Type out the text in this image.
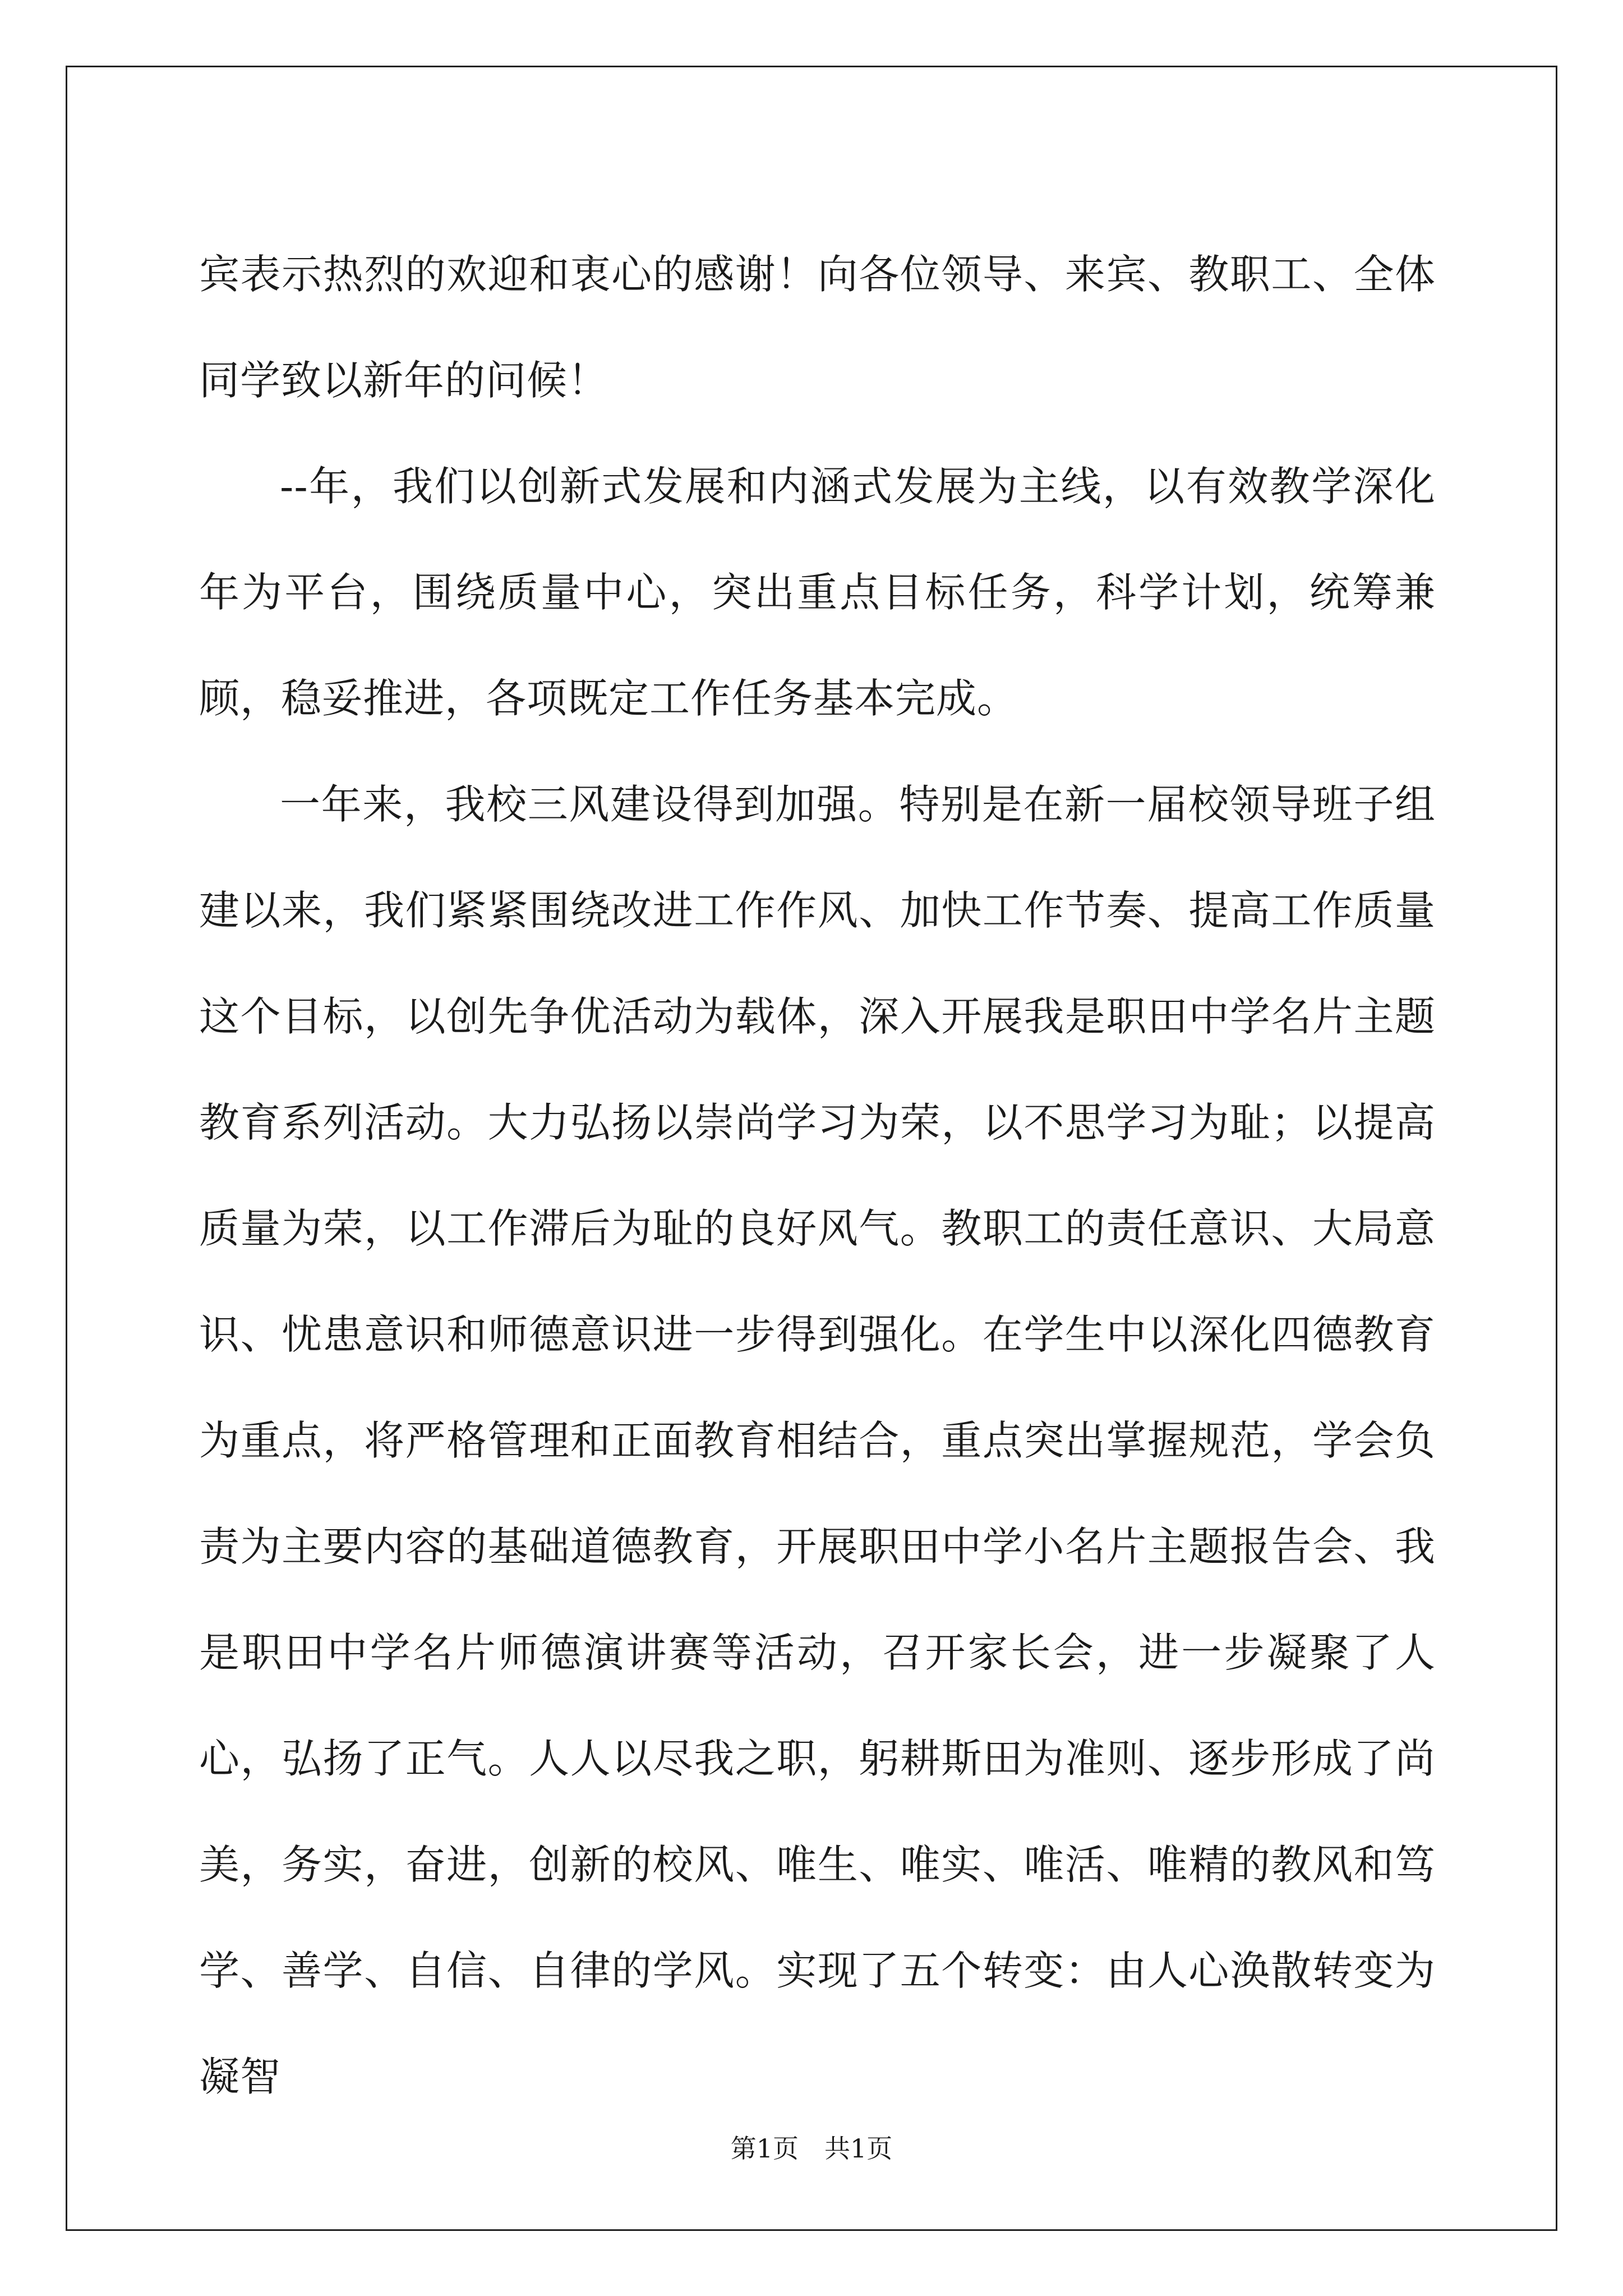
宾表示热烈的欢迎和衷心的感谢！向各位领导、来宾、教职工、全体同学致以新年的问候！

--年，我们以创新式发展和内涵式发展为主线，以有效教学深化年为平台，围绕质量中心，突出重点目标任务，科学计划，统筹兼顾，稳妥推进，各项既定工作任务基本完成。

一年来，我校三风建设得到加强。特别是在新一届校领导班子组建以来，我们紧紧围绕改进工作作风、加快工作节奏、提高工作质量这个目标，以创先争优活动为载体，深入开展我是职田中学名片主题教育系列活动。大力弘扬以崇尚学习为荣，以不思学习为耻；以提高质量为荣，以工作滞后为耻的良好风气。教职工的责任意识、大局意识、忧患意识和师德意识进一步得到强化。在学生中以深化四德教育为重点，将严格管理和正面教育相结合，重点突出掌握规范，学会负责为主要内容的基础道德教育，开展职田中学小名片主题报告会、我是职田中学名片师德演讲赛等活动，召开家长会，进一步凝聚了人心，弘扬了正气。人人以尽我之职，躬耕斯田为准则、逐步形成了尚美，务实，奋进，创新的校风、唯生、唯实、唯活、唯精的教风和笃学、善学、自信、自律的学风。实现了五个转变：由人心涣散转变为凝智

第1页　共1页
